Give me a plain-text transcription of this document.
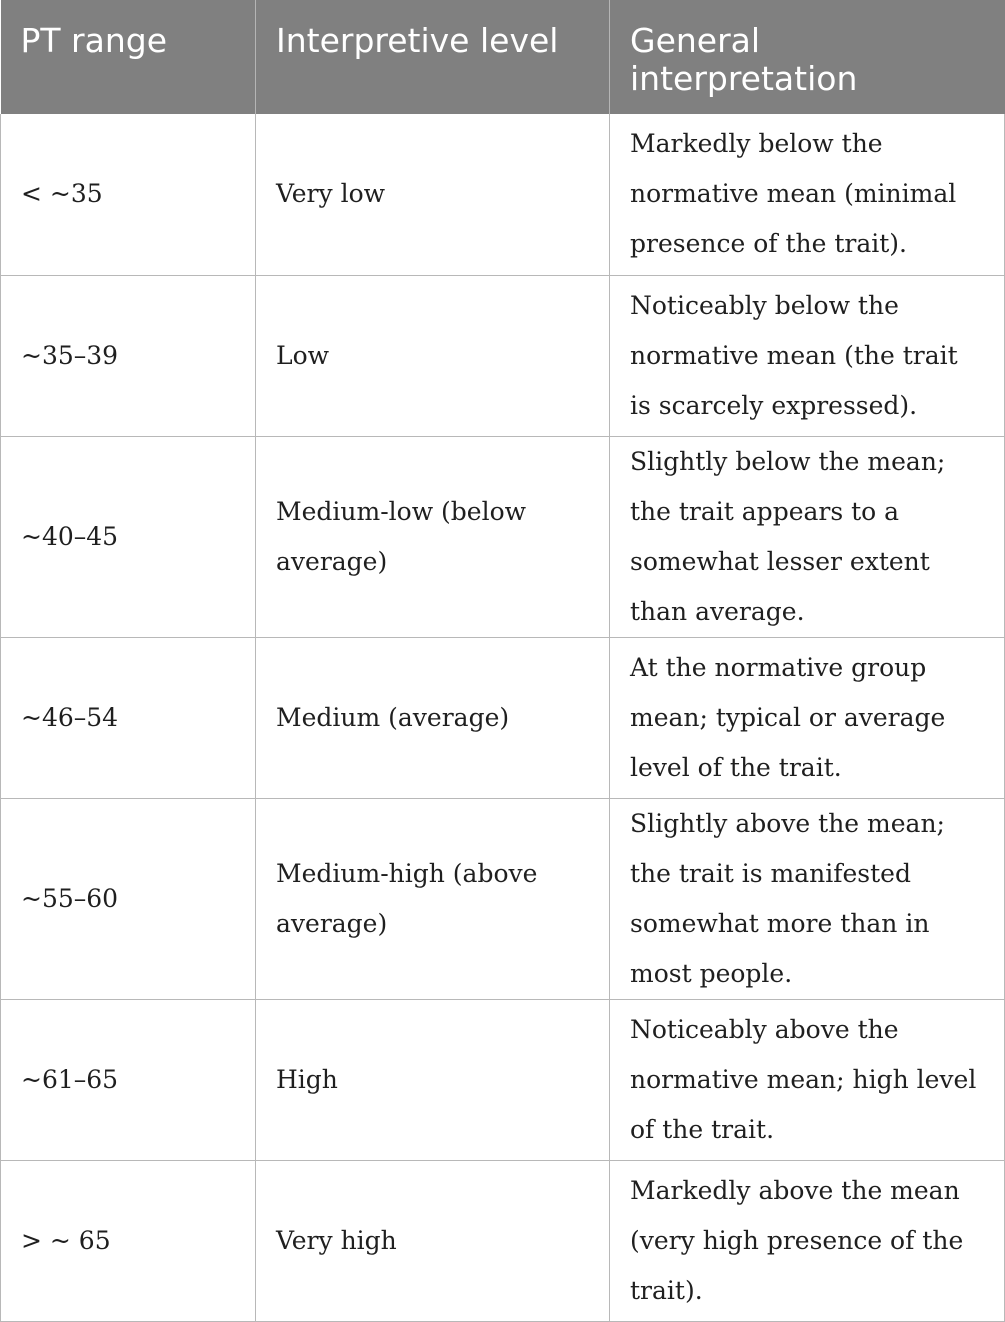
PT range	Interpretive level	General interpretation
< ~35	Very low	Markedly below the normative mean (minimal presence of the trait).
~35–39	Low	Noticeably below the normative mean (the trait is scarcely expressed).
~40–45	Medium-low (below average)	Slightly below the mean; the trait appears to a somewhat lesser extent than average.
~46–54	Medium (average)	At the normative group mean; typical or average level of the trait.
~55–60	Medium-high (above average)	Slightly above the mean; the trait is manifested somewhat more than in most people.
~61–65	High	Noticeably above the normative mean; high level of the trait.
> ~ 65	Very high	Markedly above the mean (very high presence of the trait).
